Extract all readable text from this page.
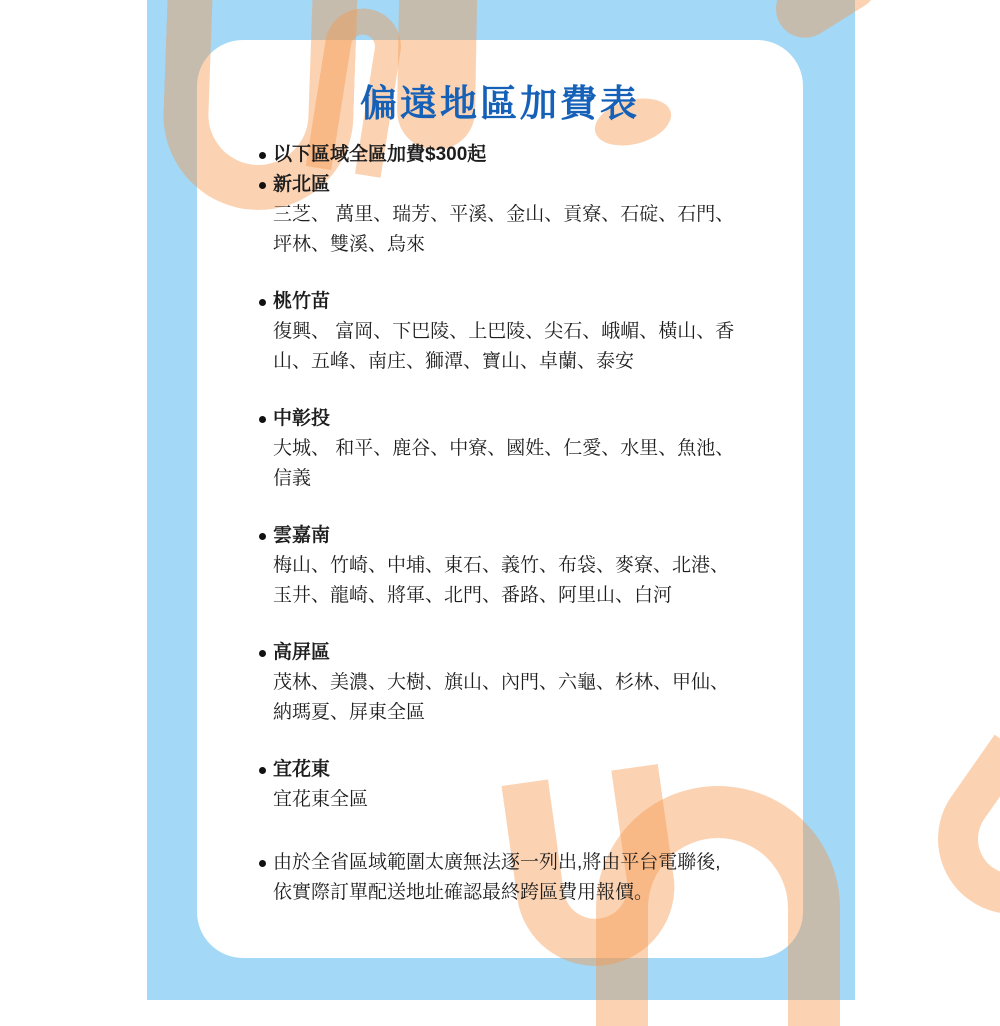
偏遠地區加費表
以下區域全區加費$300起
新北區
三芝、 萬里、瑞芳、平溪、金山、貢寮、石碇、石門、
坪林、雙溪、烏來
桃竹苗
復興、 富岡、下巴陵、上巴陵、尖石、峨嵋、橫山、香
山、五峰、南庄、獅潭、寶山、卓蘭、泰安
中彰投
大城、 和平、鹿谷、中寮、國姓、仁愛、水里、魚池、
信義
雲嘉南
梅山、竹崎、中埔、東石、義竹、布袋、麥寮、北港、
玉井、龍崎、將軍、北門、番路、阿里山、白河
高屏區
茂林、美濃、大樹、旗山、內門、六龜、杉林、甲仙、
納瑪夏、屏東全區
宜花東
宜花東全區
由於全省區域範圍太廣無法逐一列出,將由平台電聯後,
依實際訂單配送地址確認最終跨區費用報價。
